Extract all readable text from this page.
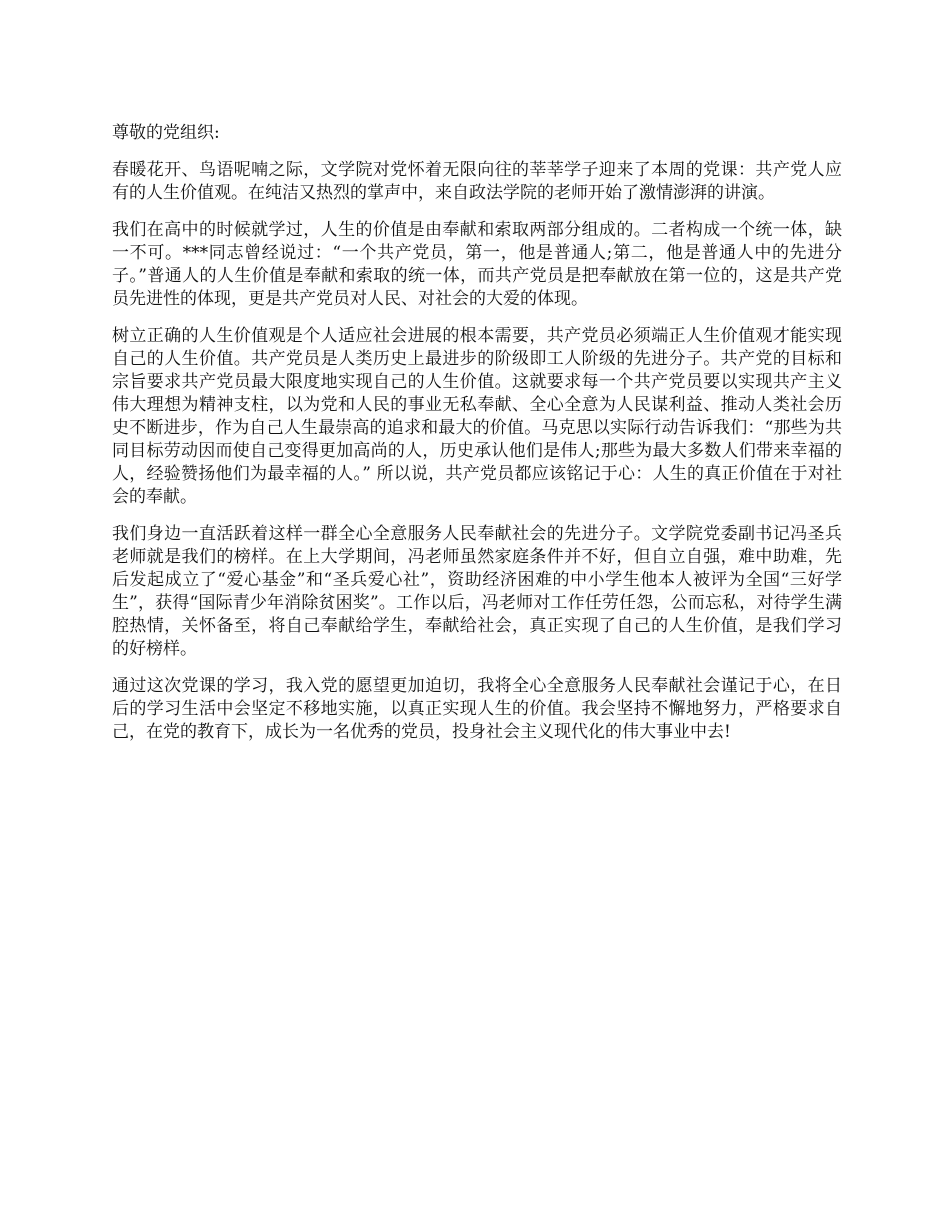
尊敬的党组织:

春暖花开、鸟语呢喃之际，文学院对党怀着无限向往的莘莘学子迎来了本周的党课：共产党人应有的人生价值观。在纯洁又热烈的掌声中，来自政法学院的老师开始了激情澎湃的讲演。

我们在高中的时候就学过，人生的价值是由奉献和索取两部分组成的。二者构成一个统一体，缺一不可。***同志曾经说过：“一个共产党员，第一，他是普通人;第二，他是普通人中的先进分子。”普通人的人生价值是奉献和索取的统一体，而共产党员是把奉献放在第一位的，这是共产党员先进性的体现，更是共产党员对人民、对社会的大爱的体现。

树立正确的人生价值观是个人适应社会进展的根本需要，共产党员必须端正人生价值观才能实现自己的人生价值。共产党员是人类历史上最进步的阶级即工人阶级的先进分子。共产党的目标和宗旨要求共产党员最大限度地实现自己的人生价值。这就要求每一个共产党员要以实现共产主义伟大理想为精神支柱，以为党和人民的事业无私奉献、全心全意为人民谋利益、推动人类社会历史不断进步，作为自己人生最崇高的追求和最大的价值。马克思以实际行动告诉我们：“那些为共同目标劳动因而使自己变得更加高尚的人，历史承认他们是伟人;那些为最大多数人们带来幸福的人，经验赞扬他们为最幸福的人。” 所以说，共产党员都应该铭记于心：人生的真正价值在于对社会的奉献。

我们身边一直活跃着这样一群全心全意服务人民奉献社会的先进分子。文学院党委副书记冯圣兵老师就是我们的榜样。在上大学期间，冯老师虽然家庭条件并不好，但自立自强，难中助难，先后发起成立了“爱心基金”和“圣兵爱心社”，资助经济困难的中小学生他本人被评为全国“三好学生”，获得“国际青少年消除贫困奖”。工作以后，冯老师对工作任劳任怨，公而忘私，对待学生满腔热情，关怀备至，将自己奉献给学生，奉献给社会，真正实现了自己的人生价值，是我们学习的好榜样。

通过这次党课的学习，我入党的愿望更加迫切，我将全心全意服务人民奉献社会谨记于心，在日后的学习生活中会坚定不移地实施，以真正实现人生的价值。我会坚持不懈地努力，严格要求自己，在党的教育下，成长为一名优秀的党员，投身社会主义现代化的伟大事业中去!
